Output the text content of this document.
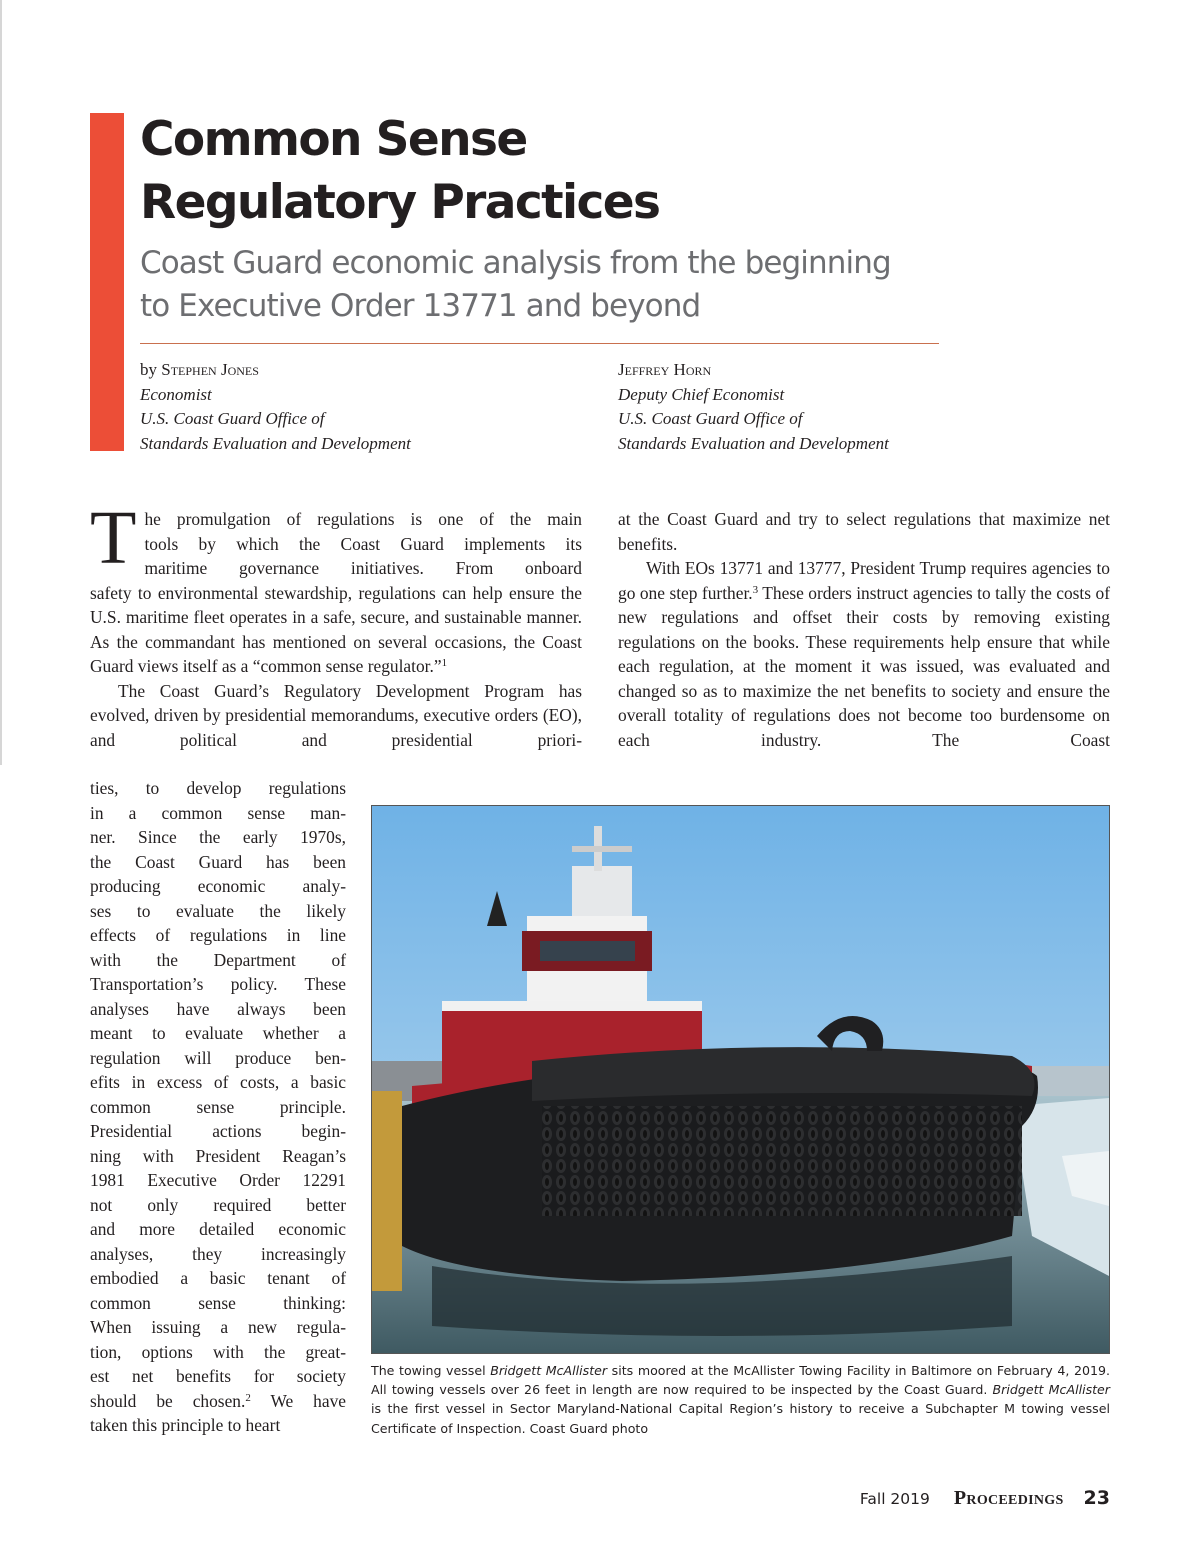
Common Sense
Regulatory Practices
Coast Guard economic analysis from the beginning
to Executive Order 13771 and beyond
by Stephen Jones
Economist
U.S. Coast Guard Office of
Standards Evaluation and Development
Jeffrey Horn
Deputy Chief Economist
U.S. Coast Guard Office of
Standards Evaluation and Development
T he promulgation of regulations is one of the main
tools by which the Coast Guard implements its
maritime governance initiatives. From onboard

safety to environmental stewardship, regulations can help ensure the U.S. maritime fleet operates in a safe, secure, and sustainable manner. As the commandant has mentioned on several occasions, the Coast Guard views itself as a “common sense regulator.”$^1$

The Coast Guard’s Regulatory Development Program has evolved, driven by presidential memorandums, executive orders (EO), and political and presidential priori-

ties, to develop regulations
in a common sense man-
ner. Since the early 1970s,
the Coast Guard has been
producing economic analy-
ses to evaluate the likely
effects of regulations in line
with the Department of
Transportation’s policy. These
analyses have always been
meant to evaluate whether a
regulation will produce ben-
efits in excess of costs, a basic
common sense principle.
Presidential actions begin-
ning with President Reagan’s
1981 Executive Order 12291
not only required better
and more detailed economic
analyses, they increasingly
embodied a basic tenant of
common sense thinking:
When issuing a new regula-
tion, options with the great-
est net benefits for society
should be chosen.$^2$ We have
taken this principle to heart

at the Coast Guard and try to select regulations that maximize net benefits.

With EOs 13771 and 13777, President Trump requires agencies to go one step further.$^3$ These orders instruct agencies to tally the costs of new regulations and offset their costs by removing existing regulations on the books. These requirements help ensure that while each regulation, at the moment it was issued, was evaluated and changed so as to maximize the net benefits to society and ensure the overall totality of regulations does not become too burdensome on each industry. The Coast

The towing vessel Bridgett McAllister sits moored at the McAllister Towing Facility in Baltimore on February 4, 2019.
All towing vessels over 26 feet in length are now required to be inspected by the Coast Guard. Bridgett McAllister
is the first vessel in Sector Maryland-National Capital Region’s history to receive a Subchapter M towing vessel
Certificate of Inspection. Coast Guard photo
Fall 2019 Proceedings 23
